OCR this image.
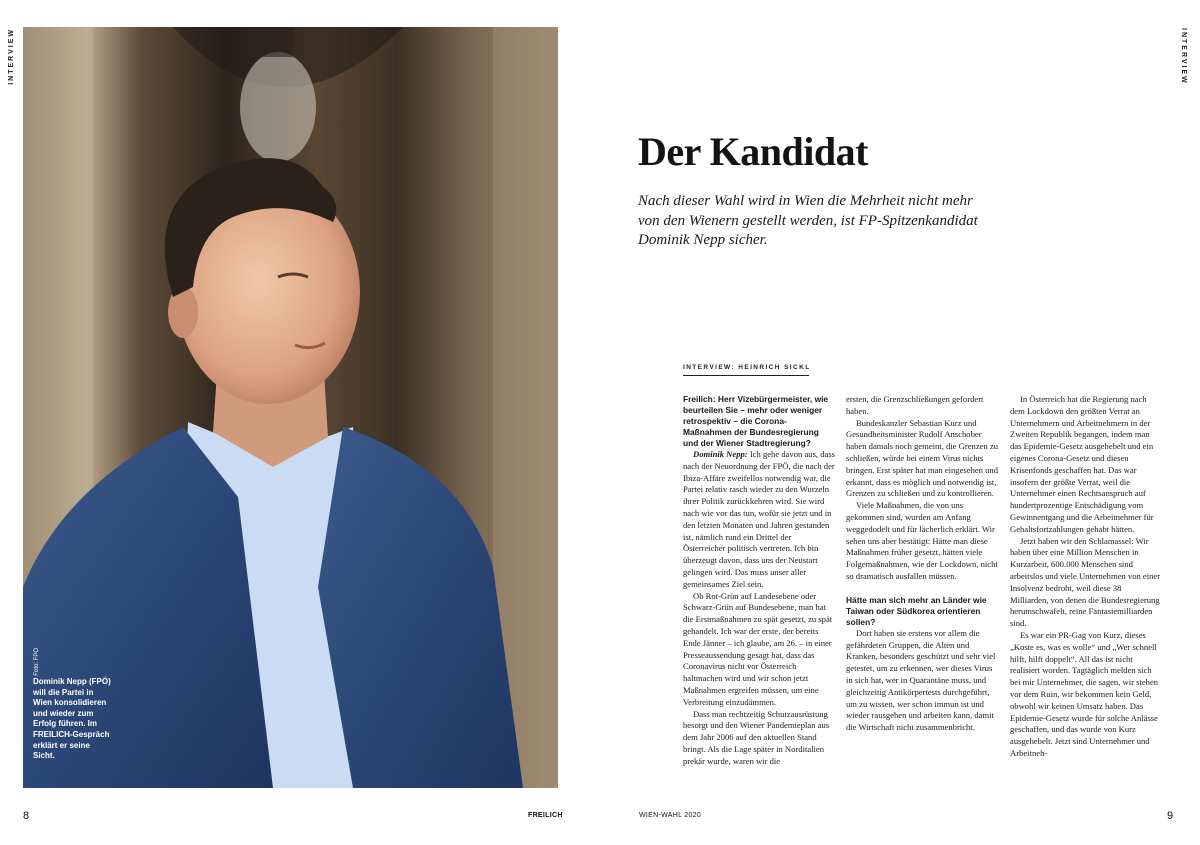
INTERVIEW	INTERVIEW
Foto: FPÖ
Dominik Nepp (FPÖ) will die Partei in Wien konsolidieren und wieder zum Erfolg führen. Im FREILICH-Gespräch erklärt er seine Sicht.
8	FREILICH	WIEN-WAHL 2020	9
Der Kandidat
Nach dieser Wahl wird in Wien die Mehrheit nicht mehr von den Wienern gestellt werden, ist FP-Spitzenkandidat Dominik Nepp sicher.
INTERVIEW: HEINRICH SICKL

Freilich: Herr Vizebürgermeister, wie beurteilen Sie – mehr oder weniger retrospektiv – die Corona-Maßnahmen der Bundesregierung und der Wiener Stadtregierung?

Dominik Nepp: Ich gehe davon aus, dass nach der Neuordnung der FPÖ, die nach der Ibiza-Affäre zweifellos notwendig war, die Partei relativ rasch wieder zu den Wurzeln ihrer Politik zurückkehren wird. Sie wird nach wie vor das tun, wofür sie jetzt und in den letzten Monaten und Jahren gestanden ist, nämlich rund ein Drittel der Österreicher politisch vertreten. Ich bin überzeugt davon, dass uns der Neustart gelingen wird. Das muss unser aller gemeinsames Ziel sein.

Ob Rot-Grün auf Landesebene oder Schwarz-Grün auf Bundesebene, man hat die Erstmaßnahmen zu spät gesetzt, zu spät gehandelt. Ich war der erste, der bereits Ende Jänner – ich glaube, am 26. – in einer Presseaussendung gesagt hat, dass das Coronavirus nicht vor Österreich haltmachen wird und wir schon jetzt Maßnahmen ergreifen müssen, um eine Verbreitung einzudämmen.

Dass man rechtzeitig Schutzausrüstung besorgt und den Wiener Pandemieplan aus dem Jahr 2006 auf den aktuellen Stand bringt. Als die Lage später in Norditalien prekär wurde, waren wir die

ersten, die Grenzschließungen gefordert haben.

Bundeskanzler Sebastian Kurz und Gesundheitsminister Rudolf Anschober haben damals noch gemeint, die Grenzen zu schließen, würde bei einem Virus nichts bringen. Erst später hat man eingesehen und erkannt, dass es möglich und notwendig ist, Grenzen zu schließen und zu kontrollieren.

Viele Maßnahmen, die von uns gekommen sind, wurden am Anfang weggedodelt und für lächerlich erklärt. Wir sehen uns aber bestätigt: Hätte man diese Maßnahmen früher gesetzt, hätten viele Folgemaßnahmen, wie der Lockdown, nicht so dramatisch ausfallen müssen.

Hätte man sich mehr an Länder wie Taiwan oder Südkorea orientieren sollen?

Dort haben sie erstens vor allem die gefährdeten Gruppen, die Alten und Kranken, besonders geschützt und sehr viel getestet, um zu erkennen, wer dieses Virus in sich hat, wer in Quarantäne muss, und gleichzeitig Antikörpertests durchgeführt, um zu wissen, wer schon immun ist und wieder rausgehen und arbeiten kann, damit die Wirtschaft nicht zusammenbricht.

In Österreich hat die Regierung nach dem Lockdown den größten Verrat an Unternehmern und Arbeitnehmern in der Zweiten Republik begangen, indem man das Epidemie-Gesetz ausgehebelt und ein eigenes Corona-Gesetz und diesen Krisenfonds geschaffen hat. Das war insofern der größte Verrat, weil die Unternehmer einen Rechtsanspruch auf hundertprozentige Entschädigung vom Gewinnentgang und die Arbeitnehmer für Gehaltsfortzahlungen gehabt hätten.

Jetzt haben wir den Schlamassel: Wir haben über eine Million Menschen in Kurzarbeit, 600.000 Menschen sind arbeitslos und viele Unternehmen von einer Insolvenz bedroht, weil diese 38 Milliarden, von denen die Bundesregierung herumschwafelt, reine Fantasiemilliarden sind.

Es war ein PR-Gag von Kurz, dieses „Koste es, was es wolle“ und „Wer schnell hilft, hilft doppelt“. All das ist nicht realisiert worden. Tagtäglich melden sich bei mir Unternehmer, die sagen, wir stehen vor dem Ruin, wir bekommen kein Geld, obwohl wir keinen Umsatz haben. Das Epidemie-Gesetz wurde für solche Anlässe geschaffen, und das wurde von Kurz ausgehebelt. Jetzt sind Unternehmer und Arbeitneh-
